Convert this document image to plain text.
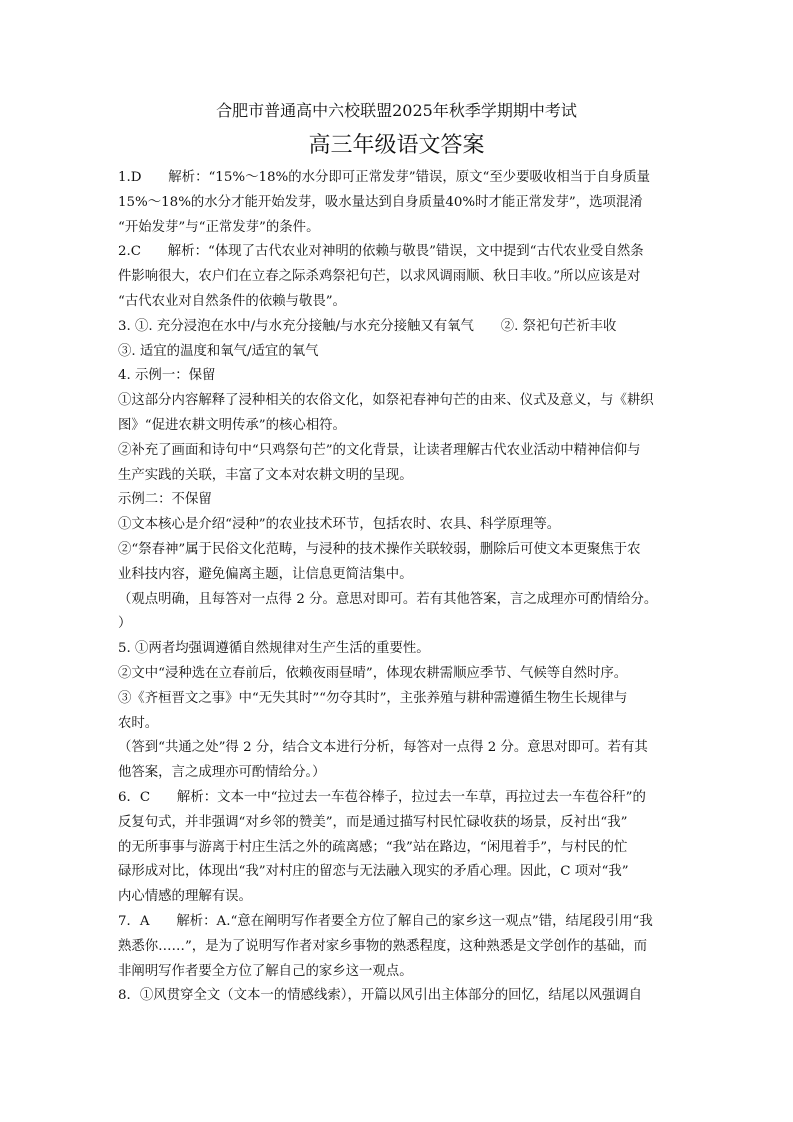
合肥市普通高中六校联盟2025年秋季学期期中考试
高三年级语文答案

1.D　　解析：“15%～18%的水分即可正常发芽”错误，原文“至少要吸收相当于自身质量

15%～18%的水分才能开始发芽，吸水量达到自身质量40%时才能正常发芽”，选项混淆

“开始发芽”与“正常发芽”的条件。

2.C　　解析：“体现了古代农业对神明的依赖与敬畏”错误，文中提到“古代农业受自然条

件影响很大，农户们在立春之际杀鸡祭祀句芒，以求风调雨顺、秋日丰收。”所以应该是对

“古代农业对自然条件的依赖与敬畏”。

3. ①. 充分浸泡在水中/与水充分接触/与水充分接触又有氧气　　②. 祭祀句芒祈丰收

③. 适宜的温度和氧气/适宜的氧气

4. 示例一：保留

①这部分内容解释了浸种相关的农俗文化，如祭祀春神句芒的由来、仪式及意义，与《耕织

图》“促进农耕文明传承”的核心相符。

②补充了画面和诗句中“只鸡祭句芒”的文化背景，让读者理解古代农业活动中精神信仰与

生产实践的关联，丰富了文本对农耕文明的呈现。

示例二：不保留

①文本核心是介绍“浸种”的农业技术环节，包括农时、农具、科学原理等。

②“祭春神”属于民俗文化范畴，与浸种的技术操作关联较弱，删除后可使文本更聚焦于农

业科技内容，避免偏离主题，让信息更简洁集中。

（观点明确，且每答对一点得 2 分。意思对即可。若有其他答案，言之成理亦可酌情给分。

）

5. ①两者均强调遵循自然规律对生产生活的重要性。

②文中“浸种选在立春前后，依赖夜雨昼晴”，体现农耕需顺应季节、气候等自然时序。

③《齐桓晋文之事》中“无失其时”“勿夺其时”，主张养殖与耕种需遵循生物生长规律与

农时。

（答到“共通之处”得 2 分，结合文本进行分析，每答对一点得 2 分。意思对即可。若有其

他答案，言之成理亦可酌情给分。）

6．C　　解析：文本一中“拉过去一车苞谷棒子，拉过去一车草，再拉过去一车苞谷秆”的

反复句式，并非强调“对乡邻的赞美”，而是通过描写村民忙碌收获的场景，反衬出“我”

的无所事事与游离于村庄生活之外的疏离感；“我”站在路边，“闲甩着手”，与村民的忙

碌形成对比，体现出“我”对村庄的留恋与无法融入现实的矛盾心理。因此，C 项对“我”

内心情感的理解有误。

7．A　　解析：A.“意在阐明写作者要全方位了解自己的家乡这一观点”错，结尾段引用“我

熟悉你……”，是为了说明写作者对家乡事物的熟悉程度，这种熟悉是文学创作的基础，而

非阐明写作者要全方位了解自己的家乡这一观点。

8．①风贯穿全文（文本一的情感线索），开篇以风引出主体部分的回忆，结尾以风强调自
